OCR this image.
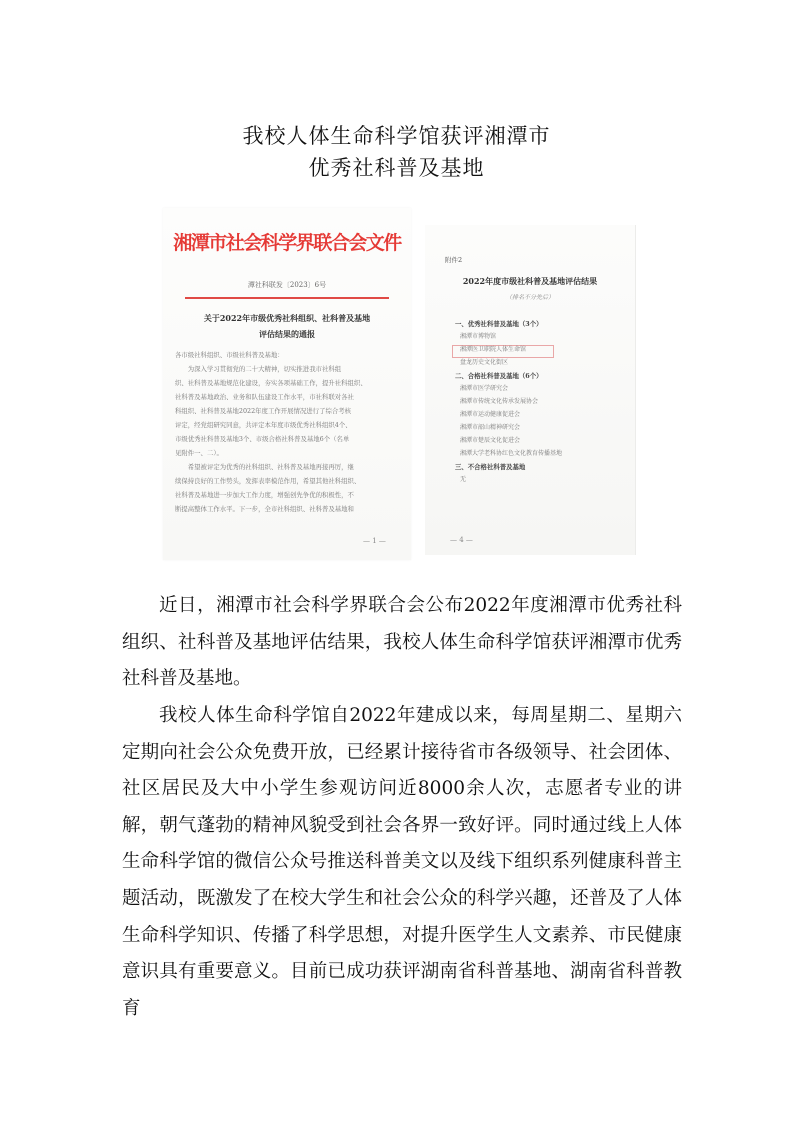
我校人体生命科学馆获评湘潭市
优秀社科普及基地
湘潭市社会科学界联合会文件
潭社科联发〔2023〕6号
关于2022年市级优秀社科组织、社科普及基地
评估结果的通报
各市级社科组织、市级社科普及基地：
　　为深入学习贯彻党的二十大精神，切实推进我市社科组
织、社科普及基地规范化建设，夯实各项基础工作，提升社科组织、
社科普及基地政治、业务和队伍建设工作水平，市社科联对各社
科组织、社科普及基地2022年度工作开展情况进行了综合考核
评定，经党组研究同意，共评定本年度市级优秀社科组织4个、
市级优秀社科普及基地3个、市级合格社科普及基地6个（名单
见附件一、二）。
　　希望被评定为优秀的社科组织、社科普及基地再接再厉，继
续保持良好的工作势头，发挥表率模范作用，希望其他社科组织、
社科普及基地进一步加大工作力度，增强创先争优的积极性，不
断提高整体工作水平。下一步，全市社科组织、社科普及基地和
— 1 —
附件2
2022年度市级社科普及基地评估结果
（排名不分先后）
一、优秀社科普及基地（3个）
湘潭市博物馆
湘潭医卫职院人体生命馆
盘龙历史文化街区
二、合格社科普及基地（6个）
湘潭市医学研究会
湘潭市传统文化传承发展协会
湘潭市运动健康促进会
湘潭市韶山精神研究会
湘潭市楚辰文化促进会
湘潭大学老科协红色文化教育传播基地
三、不合格社科普及基地
无
— 4 —

近日，湘潭市社会科学界联合会公布2022年度湘潭市优秀社科组织、社科普及基地评估结果，我校人体生命科学馆获评湘潭市优秀社科普及基地。

我校人体生命科学馆自2022年建成以来，每周星期二、星期六定期向社会公众免费开放，已经累计接待省市各级领导、社会团体、社区居民及大中小学生参观访问近8000余人次，志愿者专业的讲解，朝气蓬勃的精神风貌受到社会各界一致好评。同时通过线上人体生命科学馆的微信公众号推送科普美文以及线下组织系列健康科普主题活动，既激发了在校大学生和社会公众的科学兴趣，还普及了人体生命科学知识、传播了科学思想，对提升医学生人文素养、市民健康意识具有重要意义。目前已成功获评湖南省科普基地、湖南省科普教育
